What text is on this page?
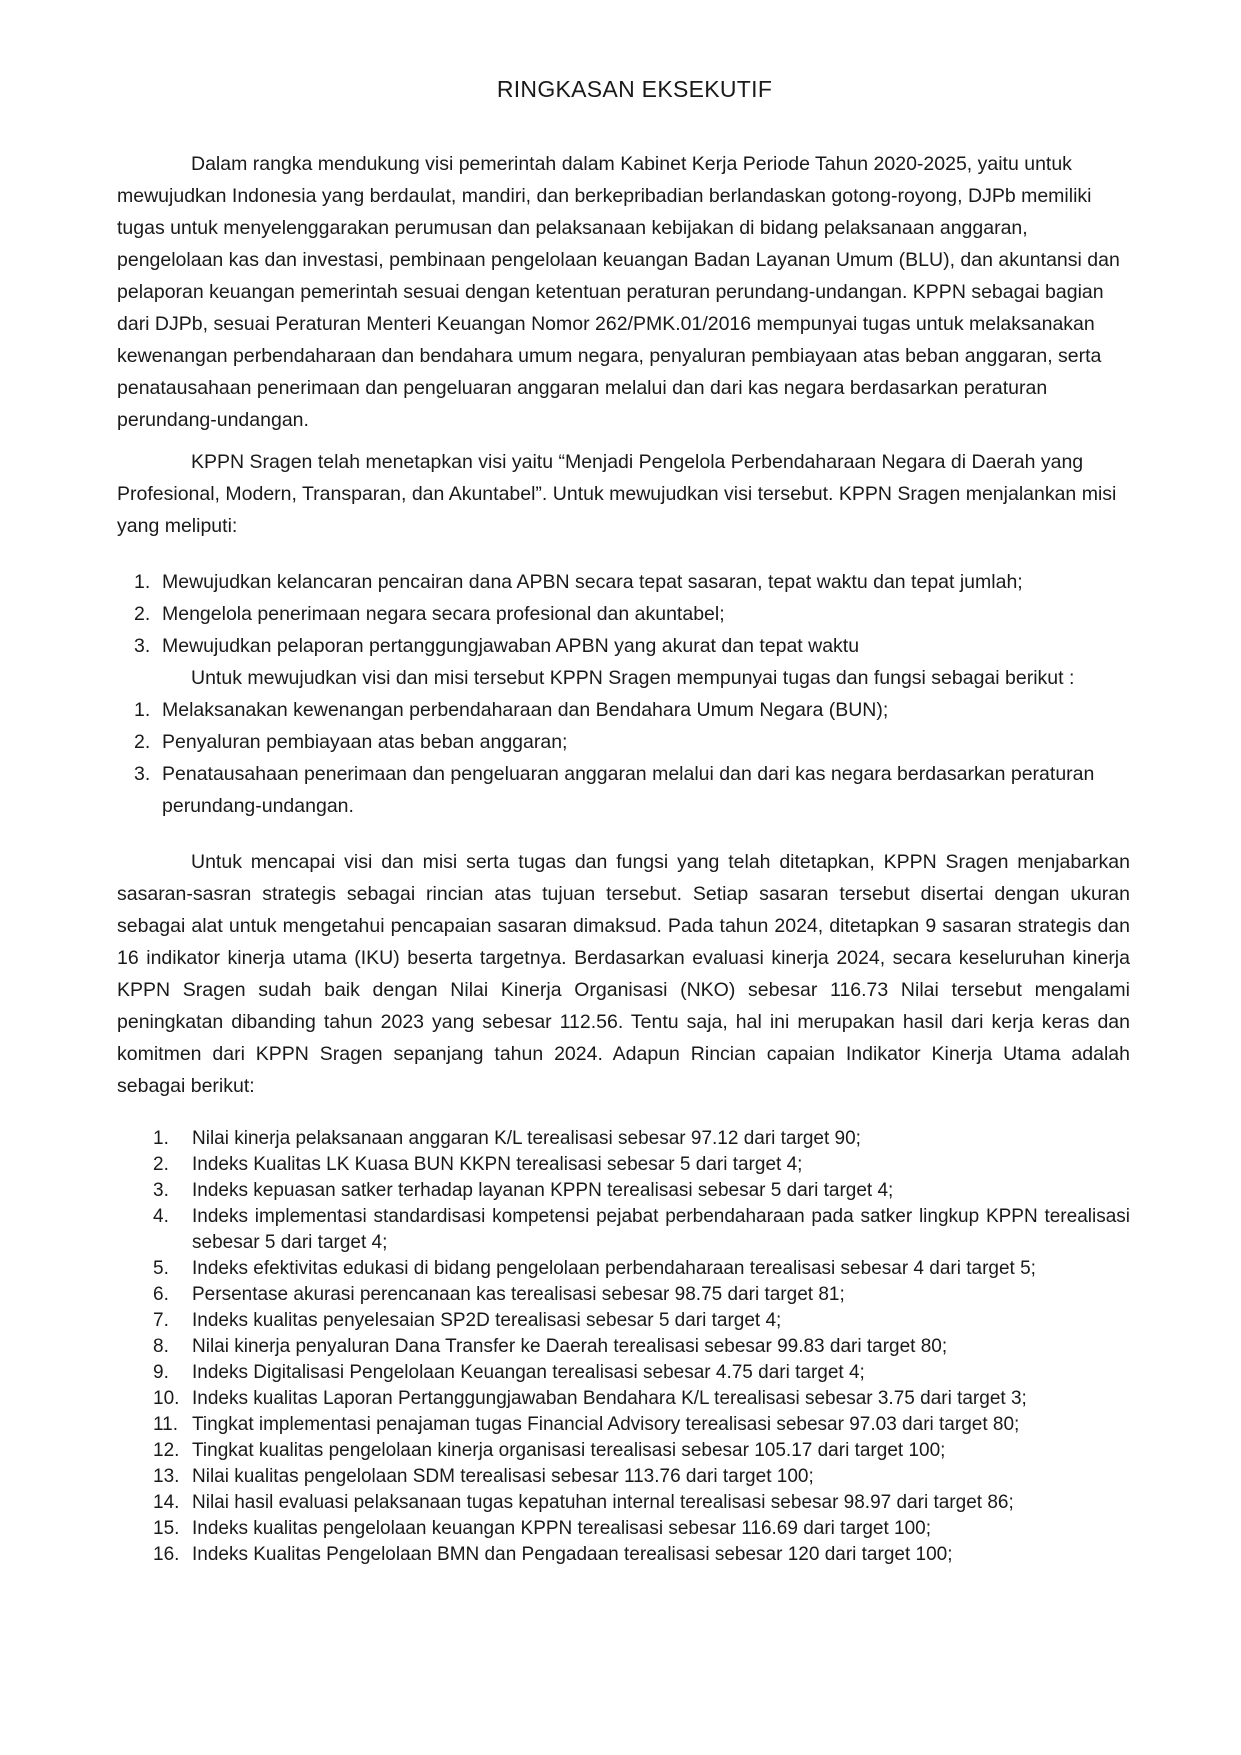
RINGKASAN EKSEKUTIF

Dalam rangka mendukung visi pemerintah dalam Kabinet Kerja Periode Tahun 2020-2025, yaitu untuk mewujudkan Indonesia yang berdaulat, mandiri, dan berkepribadian berlandaskan gotong-royong, DJPb memiliki tugas untuk menyelenggarakan perumusan dan pelaksanaan kebijakan di bidang pelaksanaan anggaran, pengelolaan kas dan investasi, pembinaan pengelolaan keuangan Badan Layanan Umum (BLU), dan akuntansi dan pelaporan keuangan pemerintah sesuai dengan ketentuan peraturan perundang-undangan. KPPN sebagai bagian dari DJPb, sesuai Peraturan Menteri Keuangan Nomor 262/PMK.01/2016 mempunyai tugas untuk melaksanakan kewenangan perbendaharaan dan bendahara umum negara, penyaluran pembiayaan atas beban anggaran, serta penatausahaan penerimaan dan pengeluaran anggaran melalui dan dari kas negara berdasarkan peraturan perundang-undangan.

KPPN Sragen telah menetapkan visi yaitu “Menjadi Pengelola Perbendaharaan Negara di Daerah yang Profesional, Modern, Transparan, dan Akuntabel”. Untuk mewujudkan visi tersebut. KPPN Sragen menjalankan misi yang meliputi:

1. Mewujudkan kelancaran pencairan dana APBN secara tepat sasaran, tepat waktu dan tepat jumlah;
2. Mengelola penerimaan negara secara profesional dan akuntabel;
3. Mewujudkan pelaporan pertanggungjawaban APBN yang akurat dan tepat waktu

Untuk mewujudkan visi dan misi tersebut KPPN Sragen mempunyai tugas dan fungsi sebagai berikut :

1. Melaksanakan kewenangan perbendaharaan dan Bendahara Umum Negara (BUN);
2. Penyaluran pembiayaan atas beban anggaran;
3. Penatausahaan penerimaan dan pengeluaran anggaran melalui dan dari kas negara berdasarkan peraturan perundang-undangan.

Untuk mencapai visi dan misi serta tugas dan fungsi yang telah ditetapkan, KPPN Sragen menjabarkan sasaran-sasran strategis sebagai rincian atas tujuan tersebut. Setiap sasaran tersebut disertai dengan ukuran sebagai alat untuk mengetahui pencapaian sasaran dimaksud. Pada tahun 2024, ditetapkan 9 sasaran strategis dan 16 indikator kinerja utama (IKU) beserta targetnya. Berdasarkan evaluasi kinerja 2024, secara keseluruhan kinerja KPPN Sragen sudah baik dengan Nilai Kinerja Organisasi (NKO) sebesar 116.73 Nilai tersebut mengalami peningkatan dibanding tahun 2023 yang sebesar 112.56. Tentu saja, hal ini merupakan hasil dari kerja keras dan komitmen dari KPPN Sragen sepanjang tahun 2024. Adapun Rincian capaian Indikator Kinerja Utama adalah sebagai berikut:

1. Nilai kinerja pelaksanaan anggaran K/L terealisasi sebesar 97.12 dari target 90;
2. Indeks Kualitas LK Kuasa BUN KKPN terealisasi sebesar 5 dari target 4;
3. Indeks kepuasan satker terhadap layanan KPPN terealisasi sebesar 5 dari target 4;
4. Indeks implementasi standardisasi kompetensi pejabat perbendaharaan pada satker lingkup KPPN terealisasi sebesar 5 dari target 4;
5. Indeks efektivitas edukasi di bidang pengelolaan perbendaharaan terealisasi sebesar 4 dari target 5;
6. Persentase akurasi perencanaan kas terealisasi sebesar 98.75 dari target 81;
7. Indeks kualitas penyelesaian SP2D terealisasi sebesar 5 dari target 4;
8. Nilai kinerja penyaluran Dana Transfer ke Daerah terealisasi sebesar 99.83 dari target 80;
9. Indeks Digitalisasi Pengelolaan Keuangan terealisasi sebesar 4.75 dari target 4;
10. Indeks kualitas Laporan Pertanggungjawaban Bendahara K/L terealisasi sebesar 3.75 dari target 3;
11. Tingkat implementasi penajaman tugas Financial Advisory terealisasi sebesar 97.03 dari target 80;
12. Tingkat kualitas pengelolaan kinerja organisasi terealisasi sebesar 105.17 dari target 100;
13. Nilai kualitas pengelolaan SDM terealisasi sebesar 113.76 dari target 100;
14. Nilai hasil evaluasi pelaksanaan tugas kepatuhan internal terealisasi sebesar 98.97 dari target 86;
15. Indeks kualitas pengelolaan keuangan KPPN terealisasi sebesar 116.69 dari target 100;
16. Indeks Kualitas Pengelolaan BMN dan Pengadaan terealisasi sebesar 120 dari target 100;
